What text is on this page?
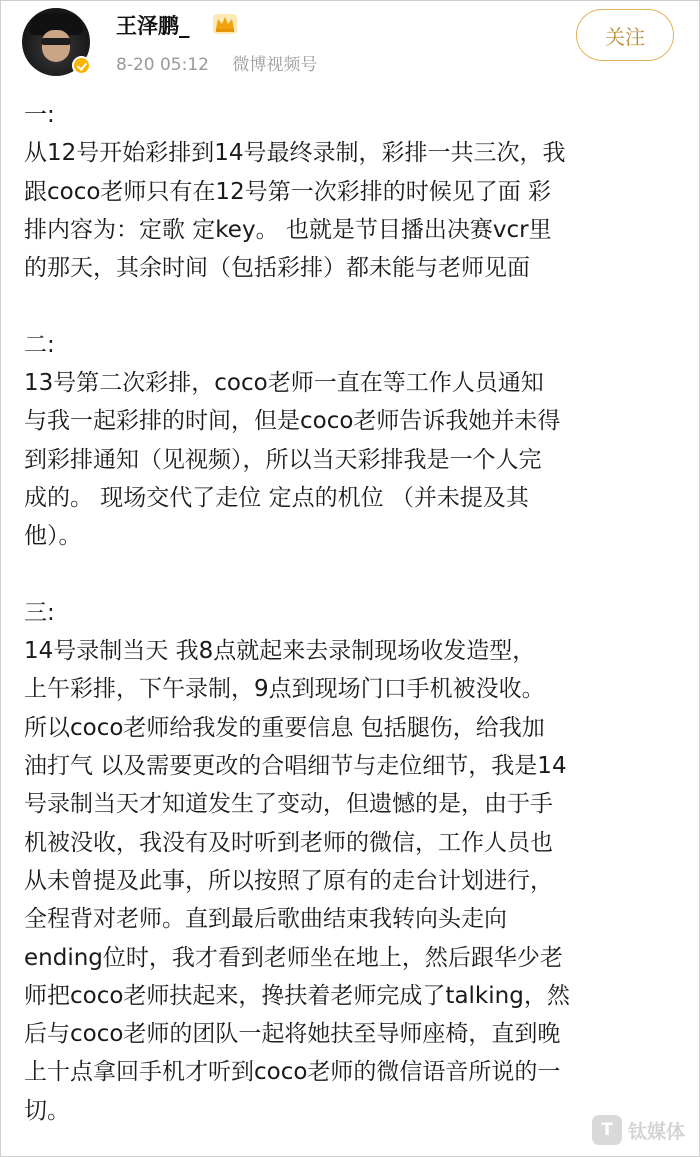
王泽鹏_
8-20 05:12 微博视频号
关注
一:
从12号开始彩排到14号最终录制，彩排一共三次，我
跟coco老师只有在12号第一次彩排的时候见了面 彩
排内容为：定歌 定key。 也就是节目播出决赛vcr里
的那天，其余时间（包括彩排）都未能与老师见面
二:
13号第二次彩排，coco老师一直在等工作人员通知
与我一起彩排的时间，但是coco老师告诉我她并未得
到彩排通知（见视频），所以当天彩排我是一个人完
成的。 现场交代了走位 定点的机位 （并未提及其
他）。
三:
14号录制当天 我8点就起来去录制现场收发造型，
上午彩排，下午录制，9点到现场门口手机被没收。
所以coco老师给我发的重要信息 包括腿伤，给我加
油打气 以及需要更改的合唱细节与走位细节，我是14
号录制当天才知道发生了变动，但遗憾的是，由于手
机被没收，我没有及时听到老师的微信，工作人员也
从未曾提及此事，所以按照了原有的走台计划进行，
全程背对老师。直到最后歌曲结束我转向头走向
ending位时，我才看到老师坐在地上，然后跟华少老
师把coco老师扶起来，搀扶着老师完成了talking，然
后与coco老师的团队一起将她扶至导师座椅，直到晚
上十点拿回手机才听到coco老师的微信语音所说的一
切。
T 钛媒体
